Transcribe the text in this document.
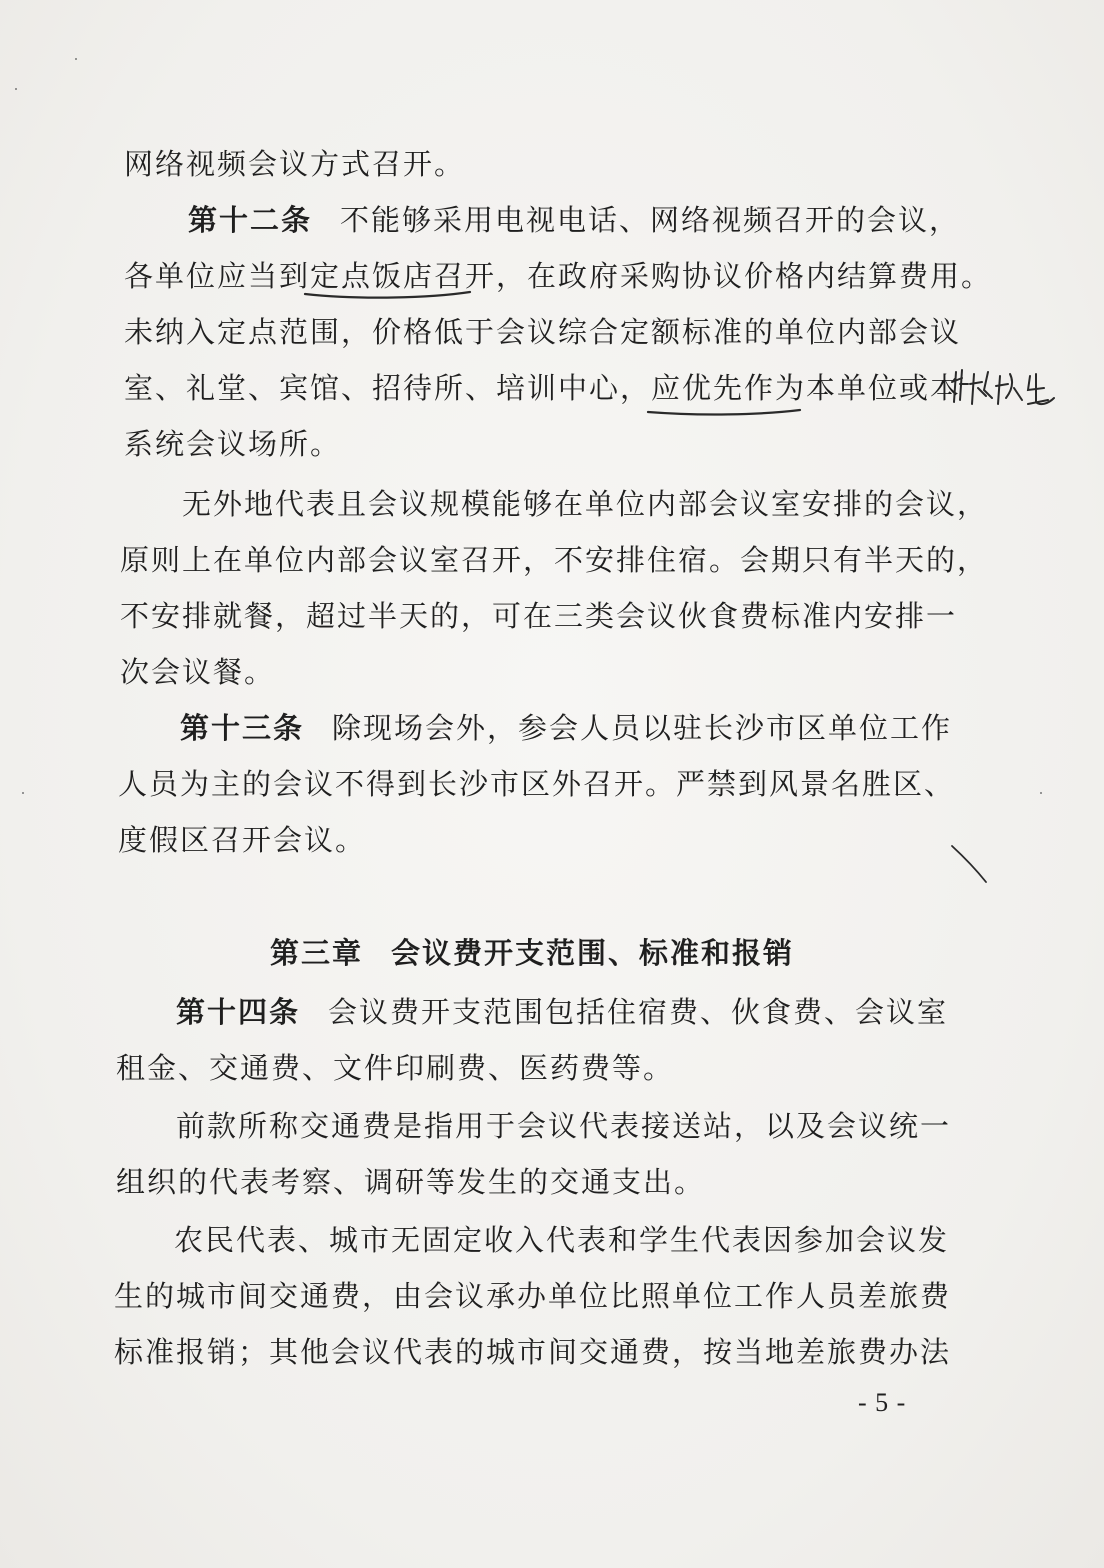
网络视频会议方式召开。
第十二条 不能够采用电视电话、网络视频召开的会议，
各单位应当到定点饭店召开，在政府采购协议价格内结算费用。
未纳入定点范围，价格低于会议综合定额标准的单位内部会议
室、礼堂、宾馆、招待所、培训中心，应优先作为本单位或本
系统会议场所。
无外地代表且会议规模能够在单位内部会议室安排的会议，
原则上在单位内部会议室召开，不安排住宿。会期只有半天的，
不安排就餐，超过半天的，可在三类会议伙食费标准内安排一
次会议餐。
第十三条 除现场会外，参会人员以驻长沙市区单位工作
人员为主的会议不得到长沙市区外召开。严禁到风景名胜区、
度假区召开会议。
第三章 会议费开支范围、标准和报销
第十四条 会议费开支范围包括住宿费、伙食费、会议室
租金、交通费、文件印刷费、医药费等。
前款所称交通费是指用于会议代表接送站，以及会议统一
组织的代表考察、调研等发生的交通支出。
农民代表、城市无固定收入代表和学生代表因参加会议发
生的城市间交通费，由会议承办单位比照单位工作人员差旅费
标准报销；其他会议代表的城市间交通费，按当地差旅费办法
- 5 -
